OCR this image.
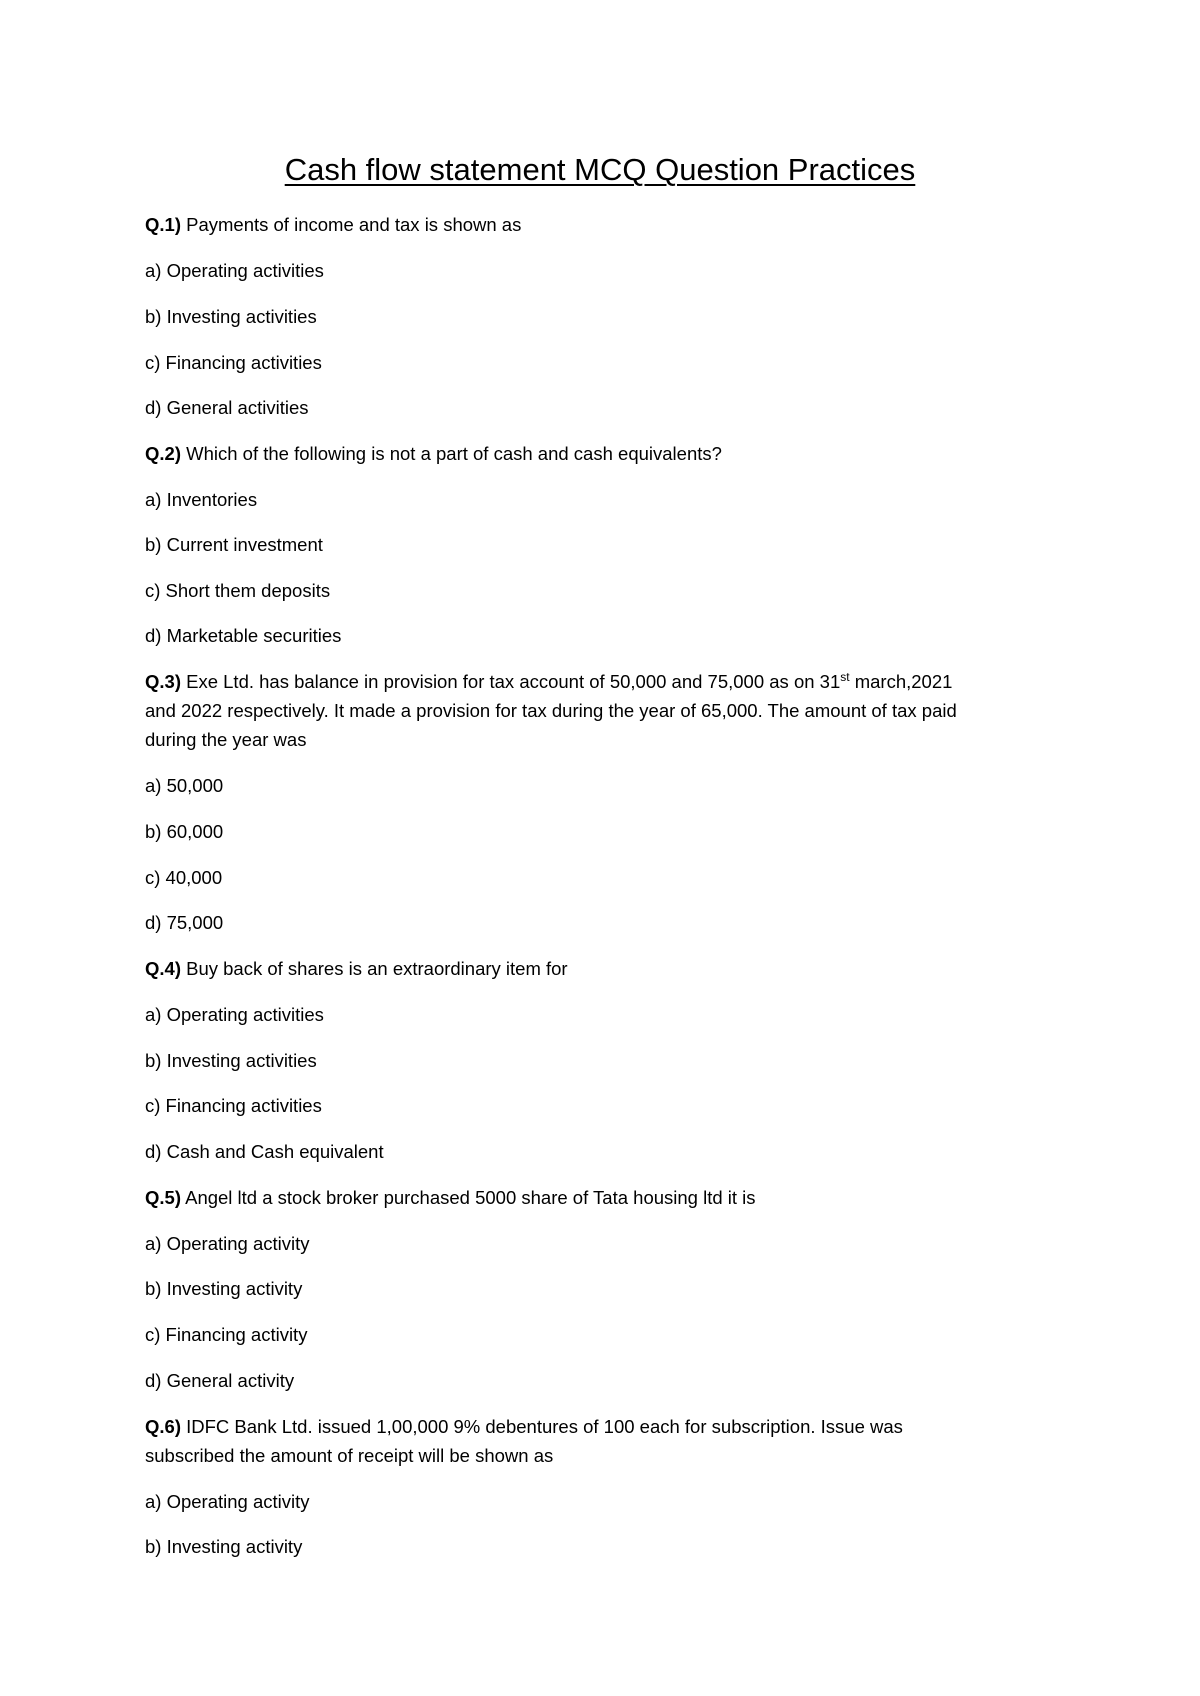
Cash flow statement MCQ Question Practices

Q.1) Payments of income and tax is shown as

a) Operating activities

b) Investing activities

c) Financing activities

d) General activities

Q.2) Which of the following is not a part of cash and cash equivalents?

a) Inventories

b) Current investment

c) Short them deposits

d) Marketable securities

Q.3) Exe Ltd. has balance in provision for tax account of 50,000 and 75,000 as on 31st march,2021

and 2022 respectively. It made a provision for tax during the year of 65,000. The amount of tax paid

during the year was

a) 50,000

b) 60,000

c) 40,000

d) 75,000

Q.4) Buy back of shares is an extraordinary item for

a) Operating activities

b) Investing activities

c) Financing activities

d) Cash and Cash equivalent

Q.5) Angel ltd a stock broker purchased 5000 share of Tata housing ltd it is

a) Operating activity

b) Investing activity

c) Financing activity

d) General activity

Q.6) IDFC Bank Ltd. issued 1,00,000 9% debentures of 100 each for subscription. Issue was

subscribed the amount of receipt will be shown as

a) Operating activity

b) Investing activity
